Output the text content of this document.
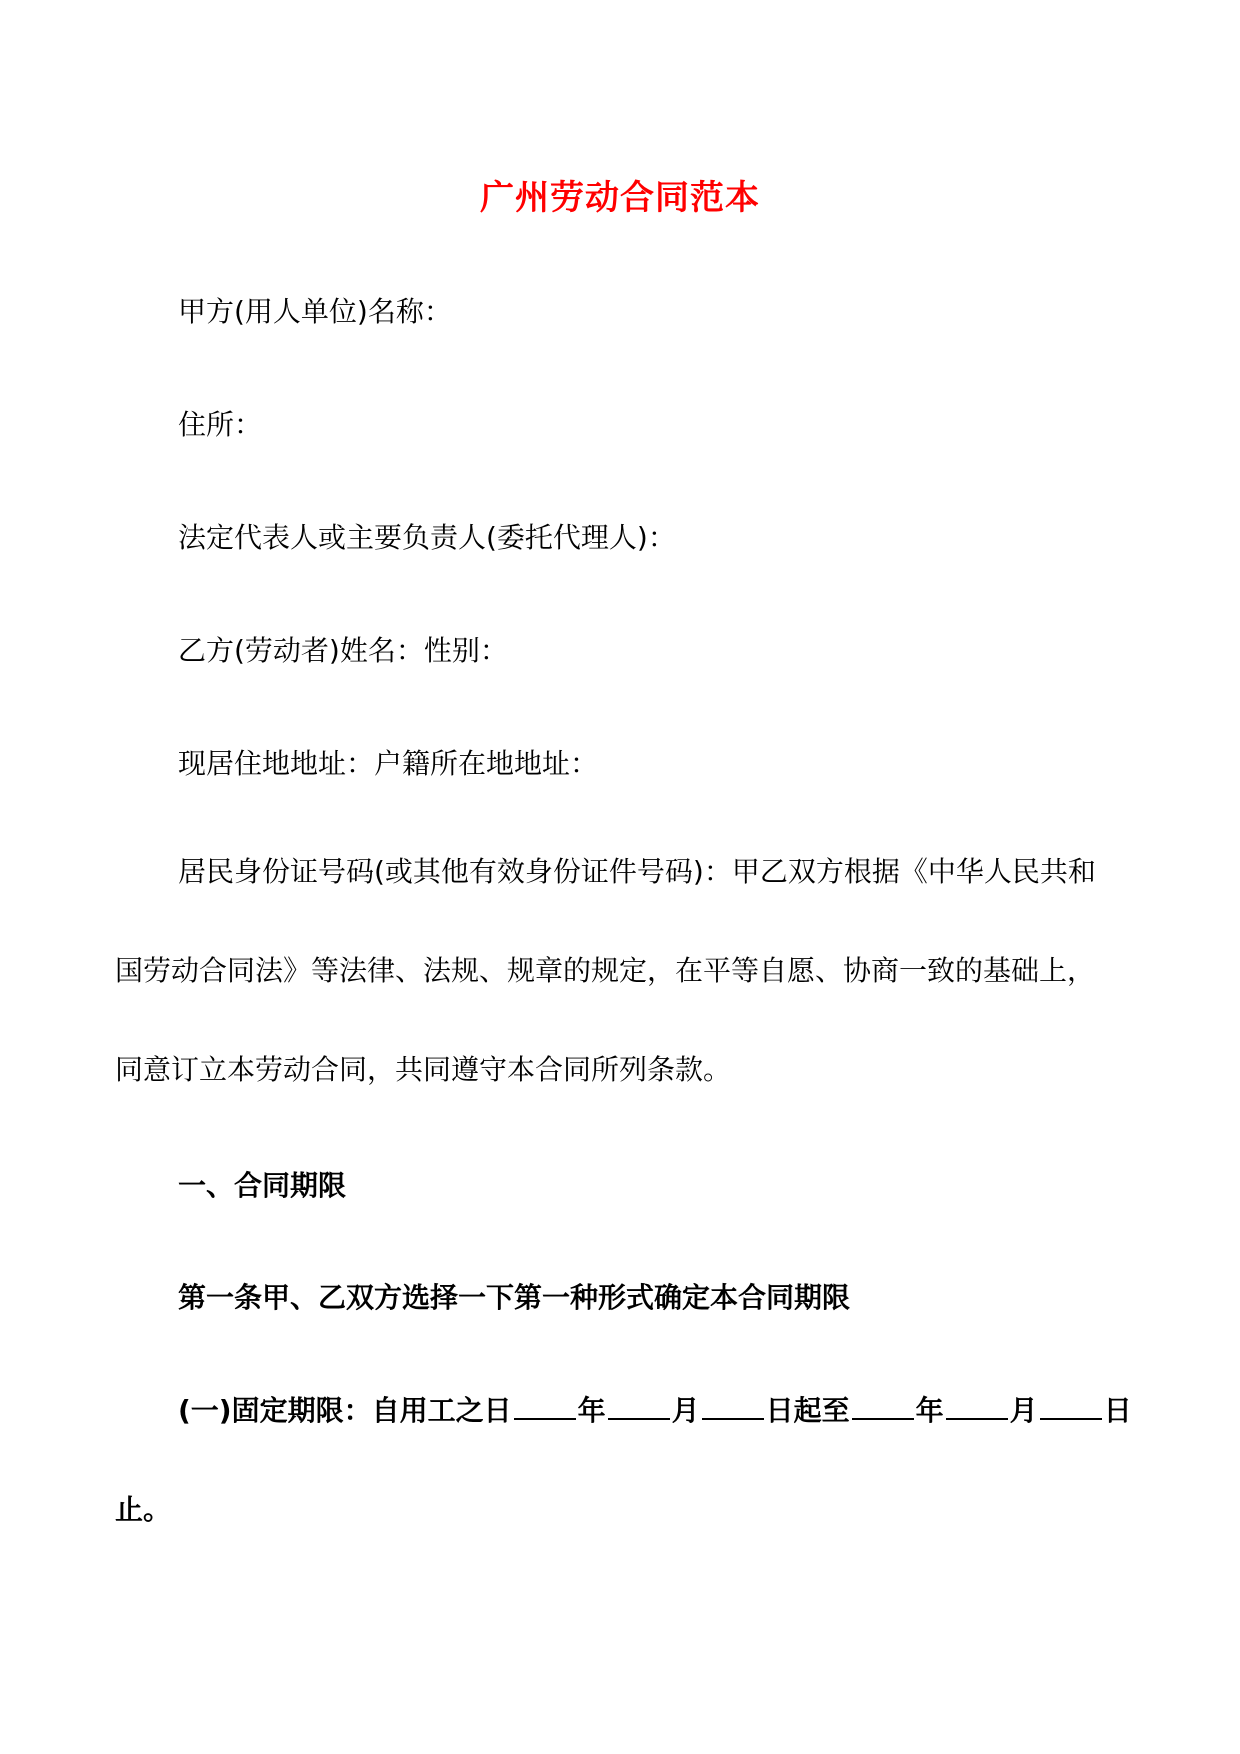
广州劳动合同范本
甲方(用人单位)名称：
住所：
法定代表人或主要负责人(委托代理人)：
乙方(劳动者)姓名：性别：
现居住地地址：户籍所在地地址：
居民身份证号码(或其他有效身份证件号码)：甲乙双方根据《中华人民共和国劳动合同法》等法律、法规、规章的规定，在平等自愿、协商一致的基础上，同意订立本劳动合同，共同遵守本合同所列条款。
一、合同期限
第一条甲、乙双方选择一下第一种形式确定本合同期限
(一)固定期限：自用工之日 年 月 日起至 年 月 日
止。
